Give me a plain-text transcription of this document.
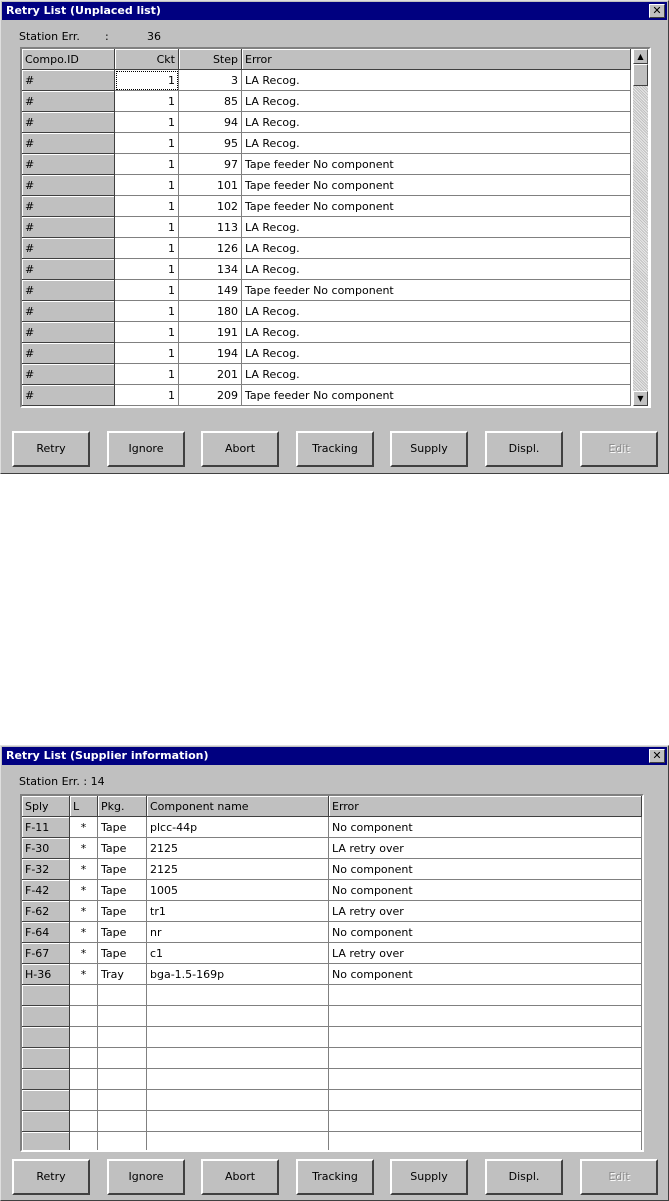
Retry List (Unplaced list)	✕
Station Err. :	36
Compo.ID	Ckt	Step Error
#	1	3 LA Recog.
#	1	85 LA Recog.
#	1	94 LA Recog.
#	1	95 LA Recog.
#	1	97 Tape feeder No component
#	1	101 Tape feeder No component
#	1	102 Tape feeder No component
#	1	113 LA Recog.
#	1	126 LA Recog.
#	1	134 LA Recog.
#	1	149 Tape feeder No component
#	1	180 LA Recog.
#	1	191 LA Recog.
#	1	194 LA Recog.
#	1	201 LA Recog.
#	1	209 Tape feeder No component
▲
▼
Retry	Ignore	Abort	Tracking	Supply	Displ.	Edit
Retry List (Supplier information)	✕
Station Err. : 14
Sply	L	Pkg.	Component name	Error
F-11	*	Tape	plcc-44p	No component
F-30	*	Tape	2125	LA retry over
F-32	*	Tape	2125	No component
F-42	*	Tape	1005	No component
F-62	*	Tape	tr1	LA retry over
F-64	*	Tape	nr	No component
F-67	*	Tape	c1	LA retry over
H-36	*	Tray	bga-1.5-169p	No component
Retry	Ignore	Abort	Tracking	Supply	Displ.	Edit
